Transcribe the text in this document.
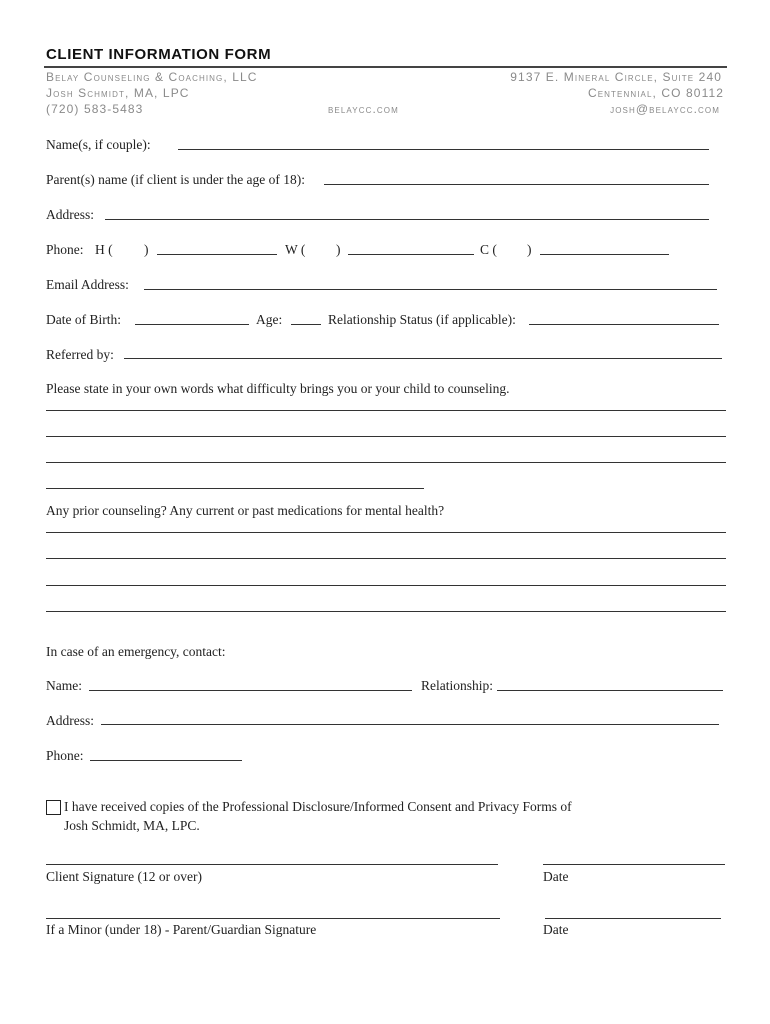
CLIENT INFORMATION FORM
Belay Counseling & Coaching, LLC
Josh Schmidt, MA, LPC
(720) 583-5483	belaycc.com
9137 E. Mineral Circle, Suite 240
Centennial, CO 80112
josh@belaycc.com
Name(s, if couple):
Parent(s) name (if client is under the age of 18):
Address:
Phone: H ( )	W ( )	C ( )
Email Address:
Date of Birth:	Age:	Relationship Status (if applicable):
Referred by:
Please state in your own words what difficulty brings you or your child to counseling.
Any prior counseling? Any current or past medications for mental health?
In case of an emergency, contact:
Name:	Relationship:
Address:
Phone:
I have received copies of the Professional Disclosure/Informed Consent and Privacy Forms of
Josh Schmidt, MA, LPC.
Client Signature (12 or over)	Date
If a Minor (under 18) - Parent/Guardian Signature	Date
